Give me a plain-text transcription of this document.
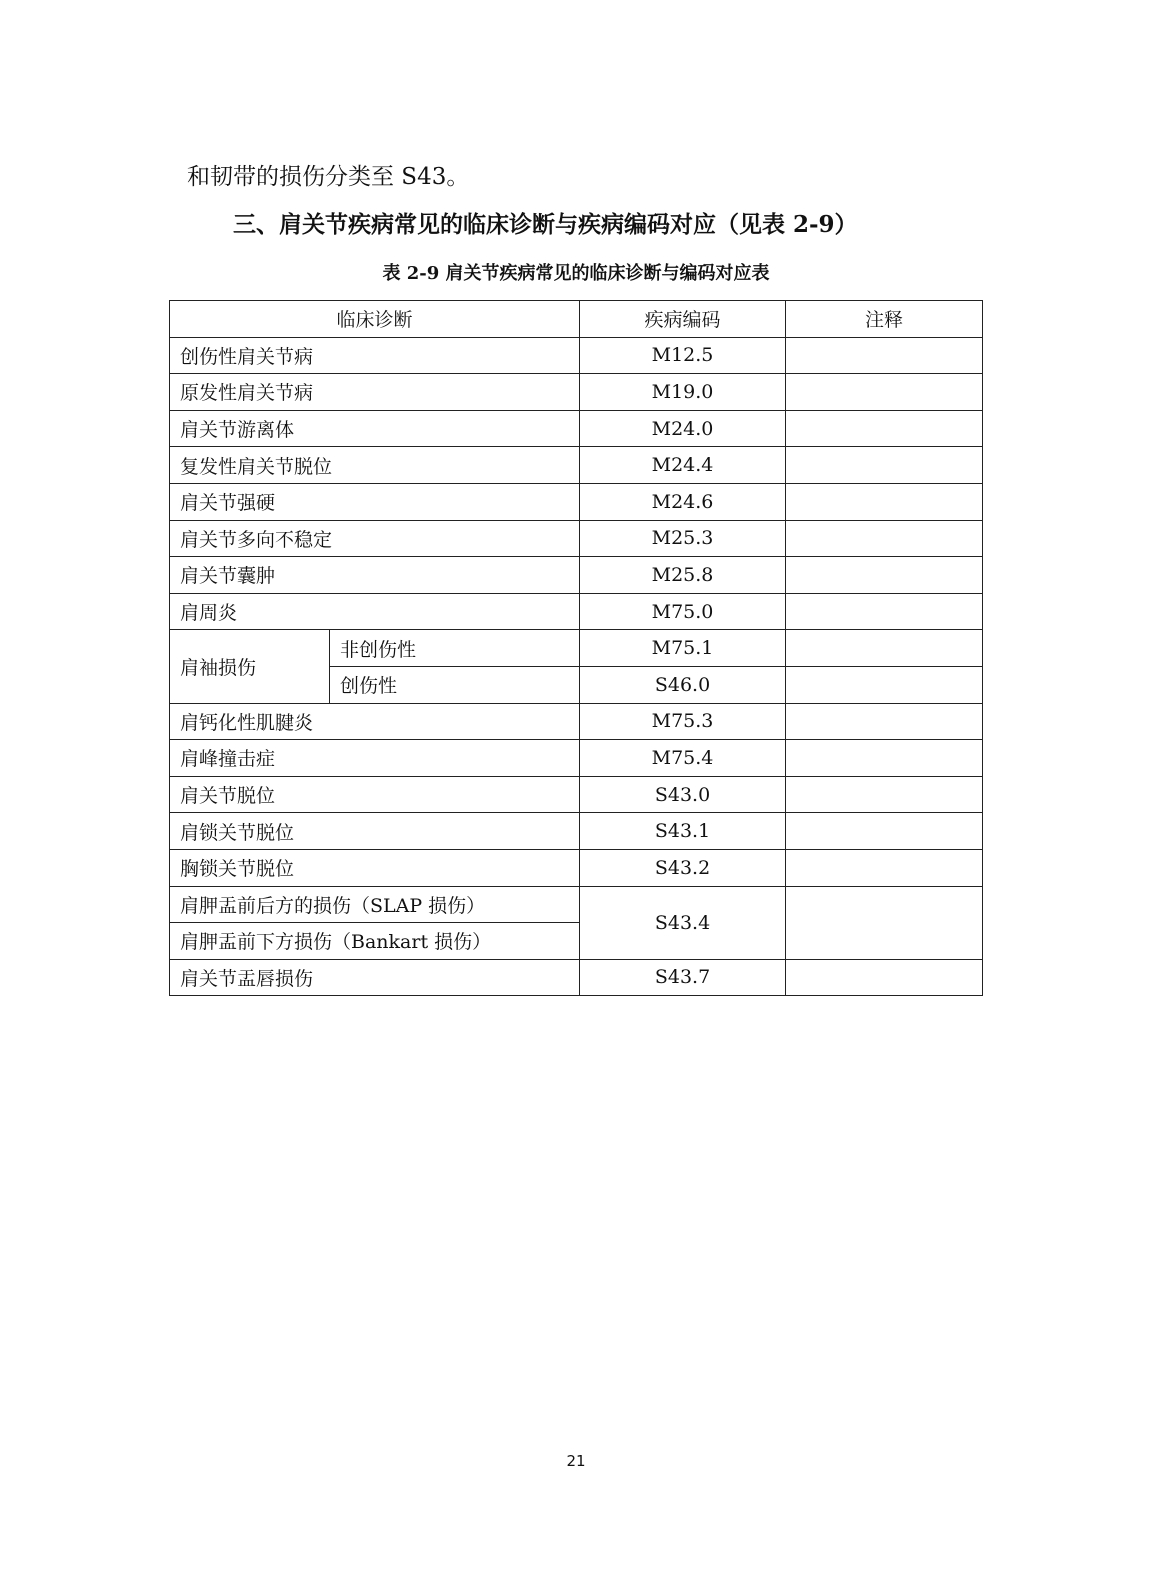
和韧带的损伤分类至 S43。
三、肩关节疾病常见的临床诊断与疾病编码对应（见表 2-9）
表 2-9 肩关节疾病常见的临床诊断与编码对应表
临床诊断		疾病编码	注释
创伤性肩关节病		M12.5	
原发性肩关节病		M19.0	
肩关节游离体		M24.0	
复发性肩关节脱位		M24.4	
肩关节强硬		M24.6	
肩关节多向不稳定		M25.3	
肩关节囊肿		M25.8	
肩周炎		M75.0	
肩袖损伤	非创伤性	M75.1	
	创伤性	S46.0	
肩钙化性肌腱炎		M75.3	
肩峰撞击症		M75.4	
肩关节脱位		S43.0	
肩锁关节脱位		S43.1	
胸锁关节脱位		S43.2	
肩胛盂前后方的损伤（SLAP 损伤）		S43.4	
肩胛盂前下方损伤（Bankart 损伤）			
肩关节盂唇损伤		S43.7	
21
